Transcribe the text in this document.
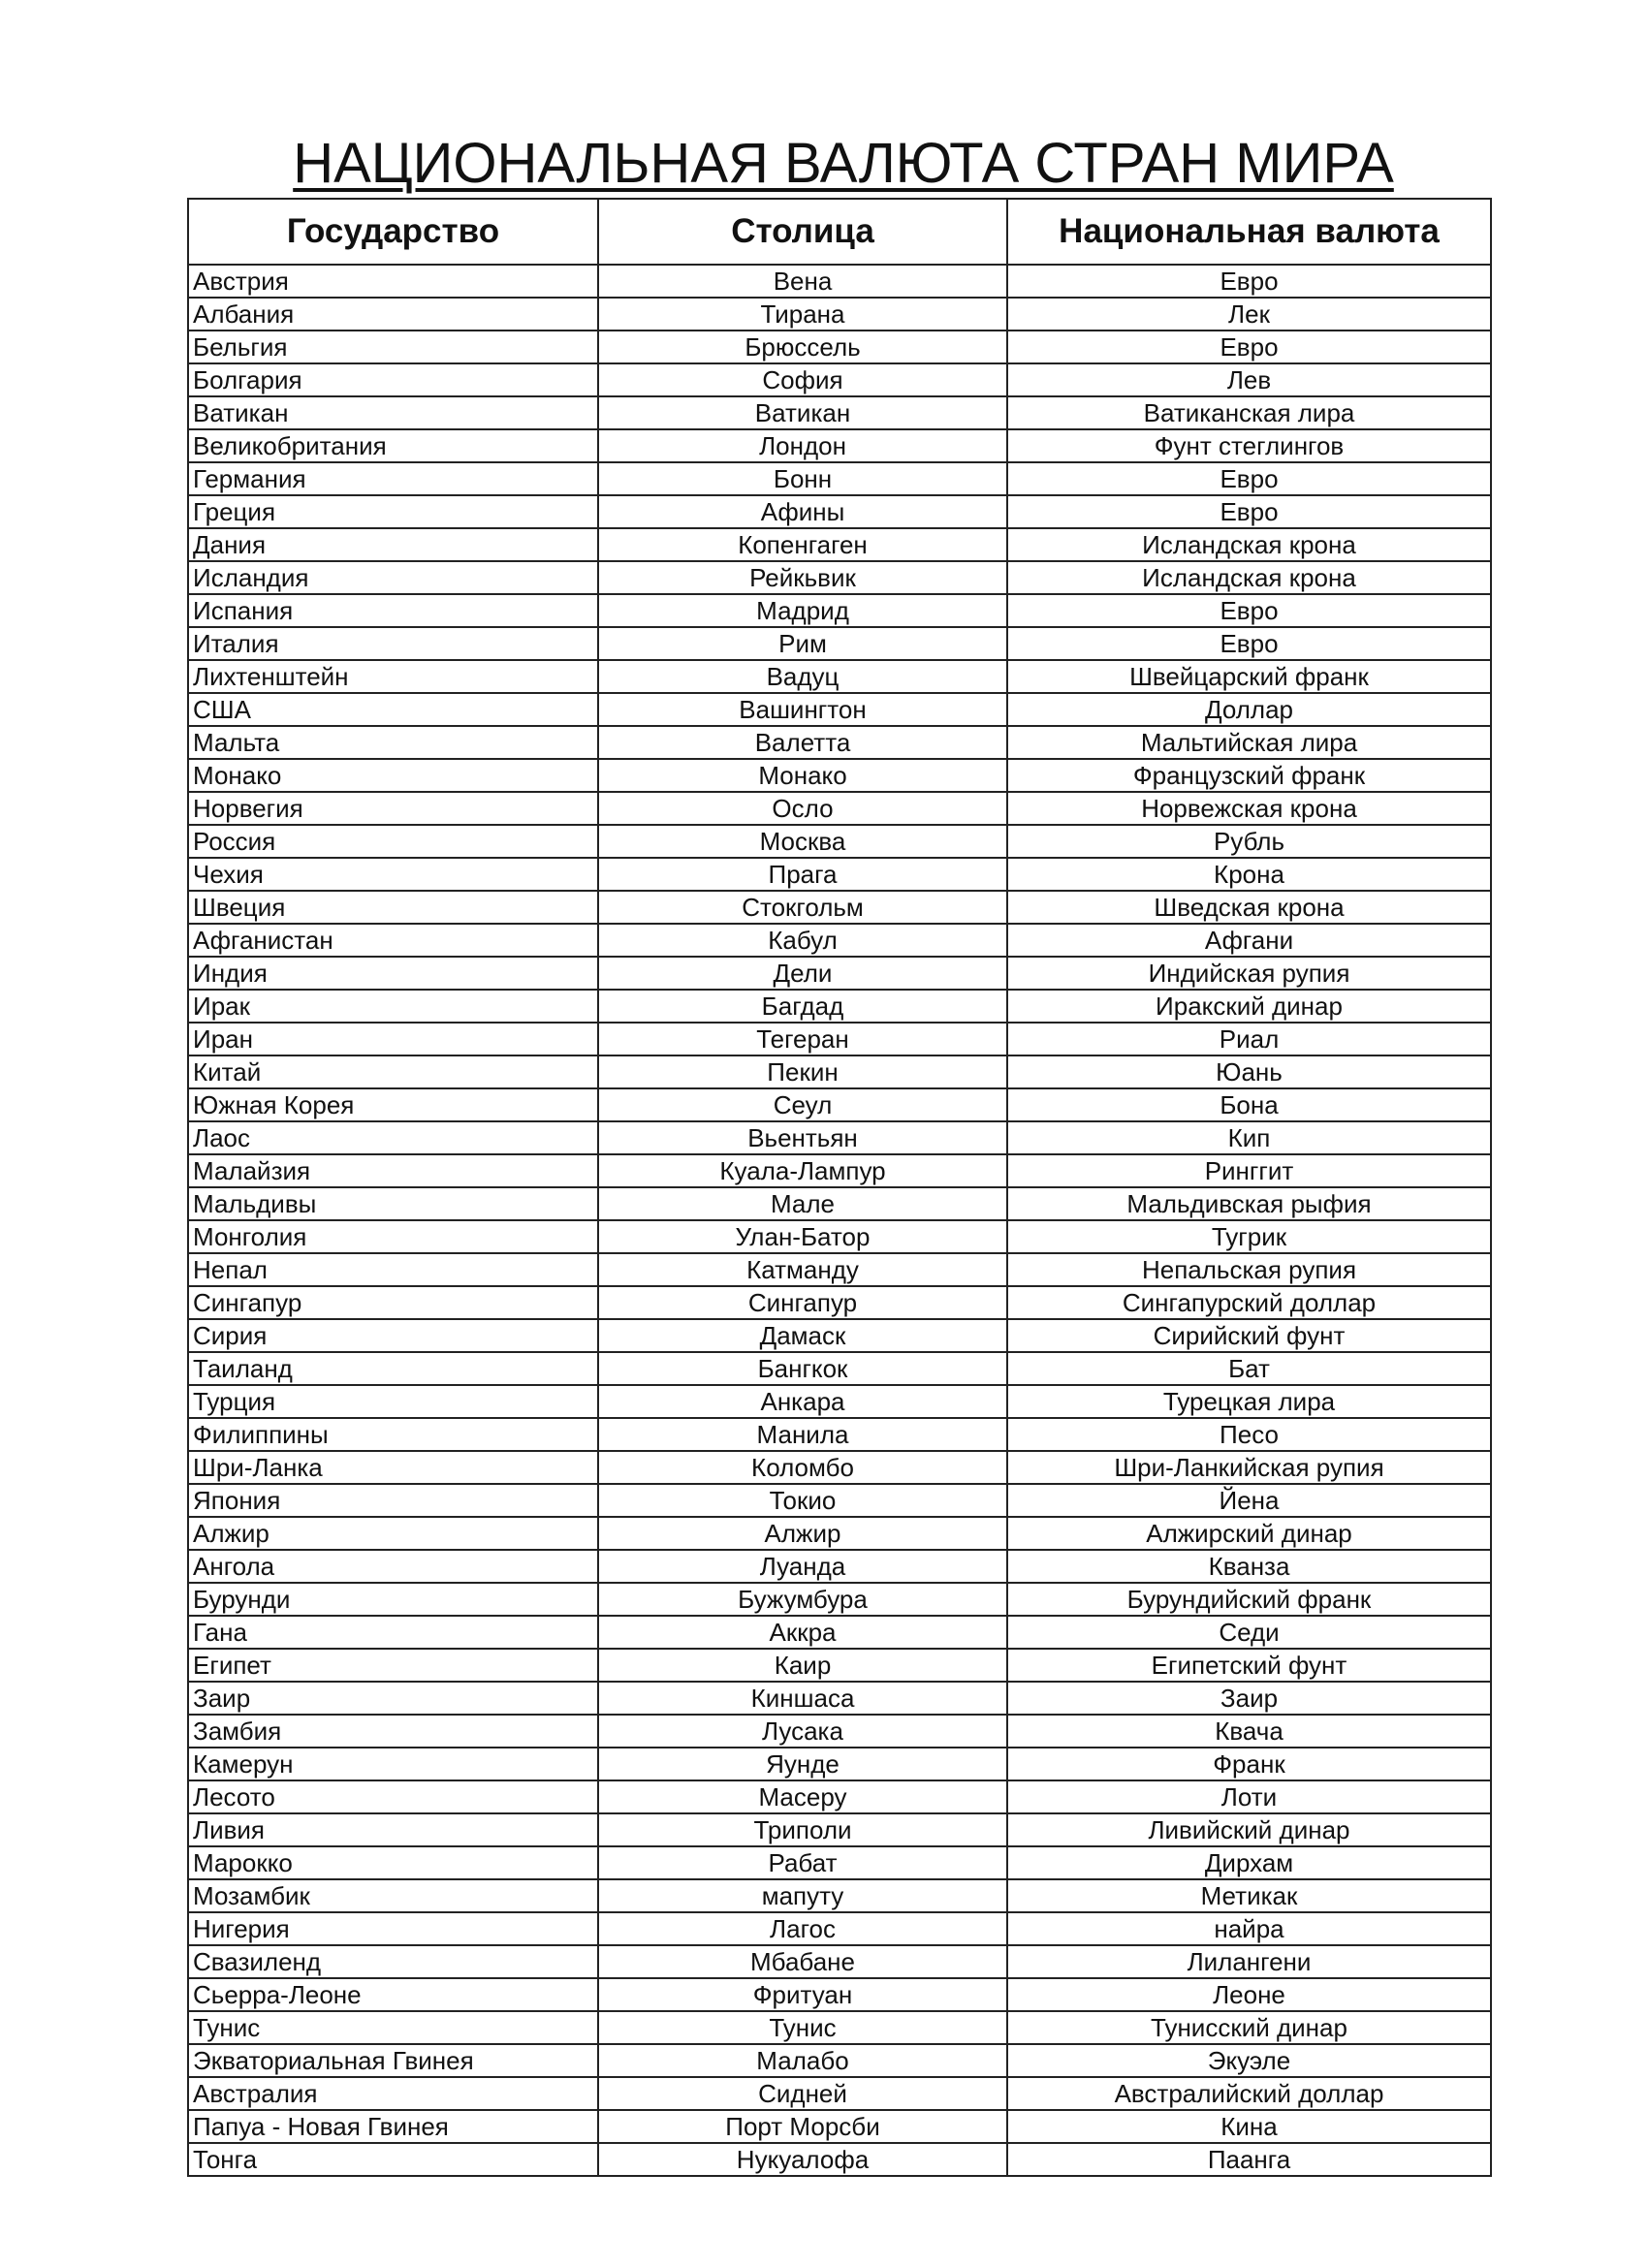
НАЦИОНАЛЬНАЯ ВАЛЮТА СТРАН МИРА
Государство	Столица	Национальная валюта
Австрия	Вена	Евро
Албания	Тирана	Лек
Бельгия	Брюссель	Евро
Болгария	София	Лев
Ватикан	Ватикан	Ватиканская лира
Великобритания	Лондон	Фунт стеглингов
Германия	Бонн	Евро
Греция	Афины	Евро
Дания	Копенгаген	Исландская крона
Исландия	Рейкьвик	Исландская крона
Испания	Мадрид	Евро
Италия	Рим	Евро
Лихтенштейн	Вадуц	Швейцарский франк
США	Вашингтон	Доллар
Мальта	Валетта	Мальтийская лира
Монако	Монако	Французский франк
Норвегия	Осло	Норвежская крона
Россия	Москва	Рубль
Чехия	Прага	Крона
Швеция	Стокгольм	Шведская крона
Афганистан	Кабул	Афгани
Индия	Дели	Индийская рупия
Ирак	Багдад	Иракский динар
Иран	Тегеран	Риал
Китай	Пекин	Юань
Южная Корея	Сеул	Бона
Лаос	Вьентьян	Кип
Малайзия	Куала-Лампур	Ринггит
Мальдивы	Мале	Мальдивская рыфия
Монголия	Улан-Батор	Тугрик
Непал	Катманду	Непальская рупия
Сингапур	Сингапур	Сингапурский доллар
Сирия	Дамаск	Сирийский фунт
Таиланд	Бангкок	Бат
Турция	Анкара	Турецкая лира
Филиппины	Манила	Песо
Шри-Ланка	Коломбо	Шри-Ланкийская рупия
Япония	Токио	Йена
Алжир	Алжир	Алжирский динар
Ангола	Луанда	Кванза
Бурунди	Бужумбура	Бурундийский франк
Гана	Аккра	Седи
Египет	Каир	Египетский фунт
Заир	Киншаса	Заир
Замбия	Лусака	Квача
Камерун	Яунде	Франк
Лесото	Масеру	Лоти
Ливия	Триполи	Ливийский динар
Марокко	Рабат	Дирхам
Мозамбик	мапуту	Метикак
Нигерия	Лагос	найра
Свазиленд	Мбабане	Лилангени
Сьерра-Леоне	Фритуан	Леоне
Тунис	Тунис	Тунисский динар
Экваториальная Гвинея	Малабо	Экуэле
Австралия	Сидней	Австралийский доллар
Папуа - Новая Гвинея	Порт Морсби	Кина
Тонга	Нукуалофа	Паанга
